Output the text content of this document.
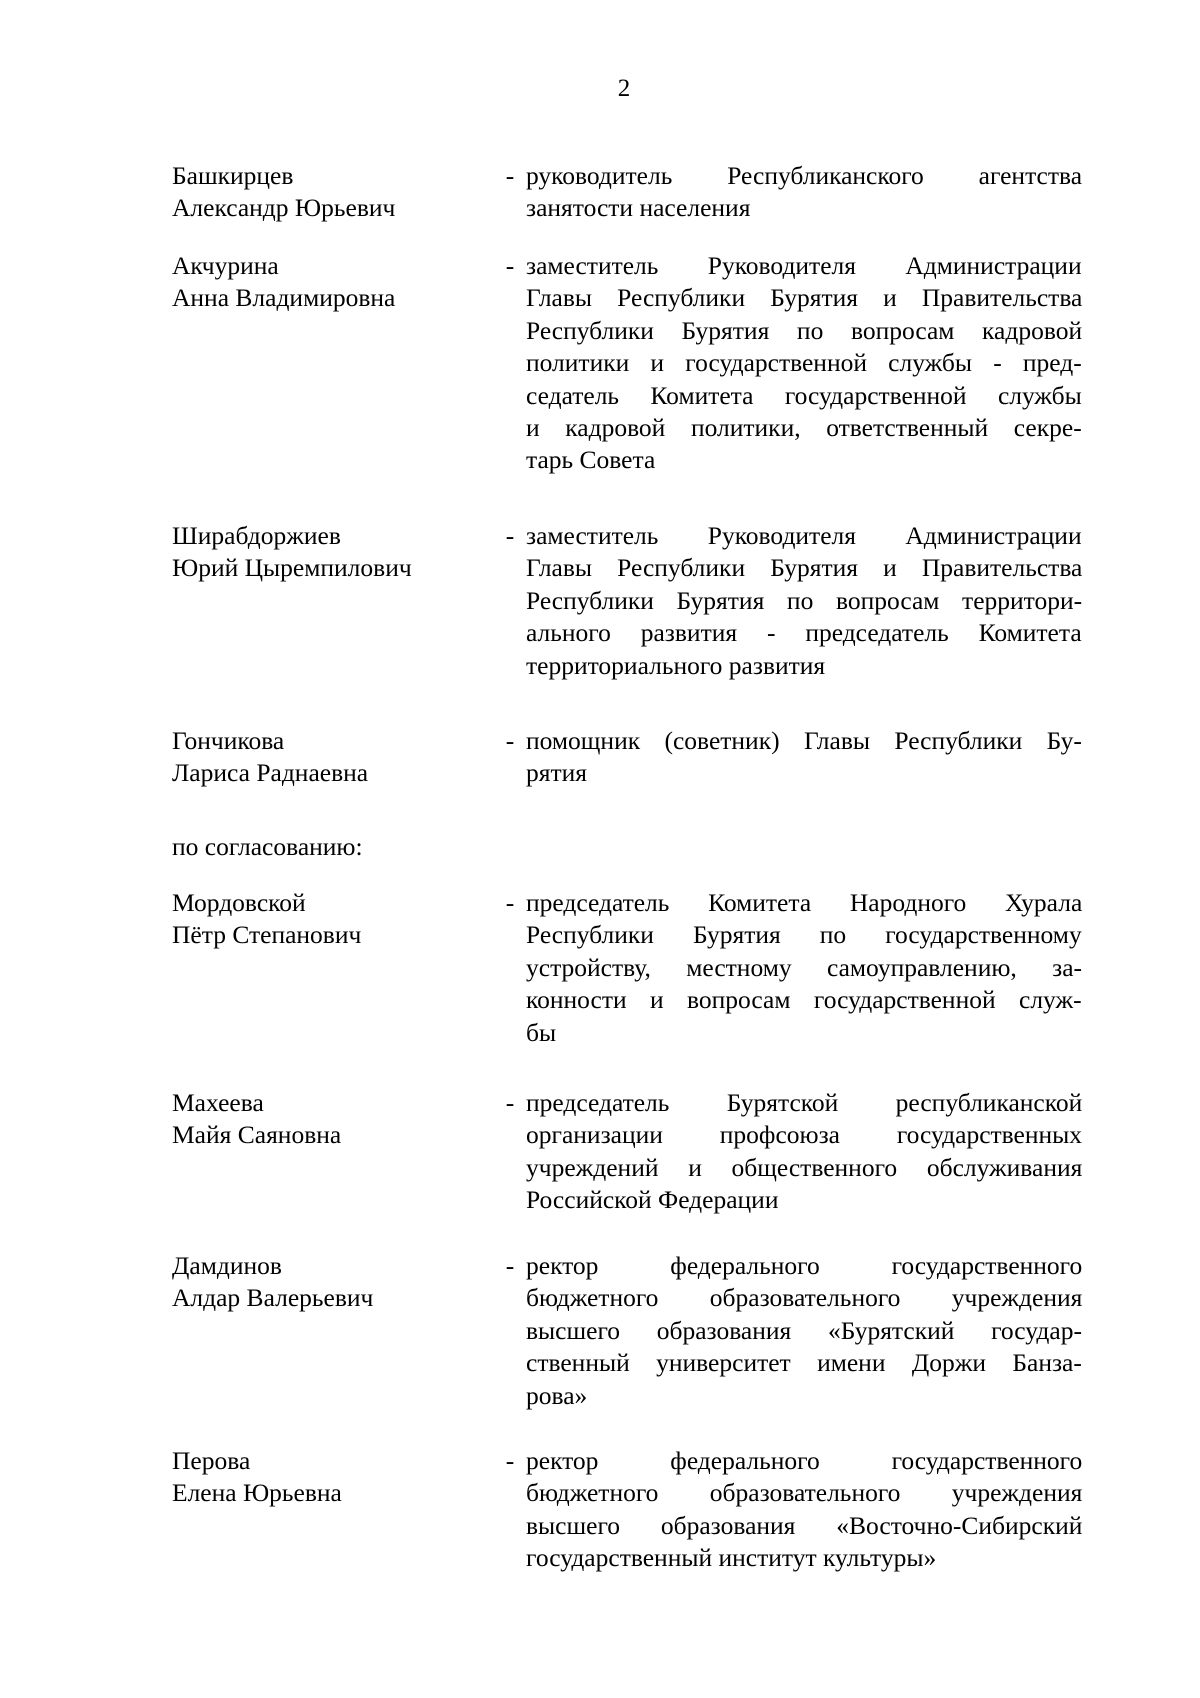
2
Башкирцев
Александр Юрьевич
- руководитель Республиканского агентства
занятости населения
Акчурина
Анна Владимировна
- заместитель Руководителя Администрации
Главы Республики Бурятия и Правительства
Республики Бурятия по вопросам кадровой
политики и государственной службы - пред-
седатель Комитета государственной службы
и кадровой политики, ответственный секре-
тарь Совета
Ширабдоржиев
Юрий Цыремпилович
- заместитель Руководителя Администрации
Главы Республики Бурятия и Правительства
Республики Бурятия по вопросам территори-
ального развития - председатель Комитета
территориального развития
Гончикова
Лариса Раднаевна
- помощник (советник) Главы Республики Бу-
рятия
по согласованию:
Мордовской
Пётр Степанович
- председатель Комитета Народного Хурала
Республики Бурятия по государственному
устройству, местному самоуправлению, за-
конности и вопросам государственной служ-
бы
Махеева
Майя Саяновна
- председатель Бурятской республиканской
организации профсоюза государственных
учреждений и общественного обслуживания
Российской Федерации
Дамдинов
Алдар Валерьевич
- ректор федерального государственного
бюджетного образовательного учреждения
высшего образования «Бурятский государ-
ственный университет имени Доржи Банза-
рова»
Перова
Елена Юрьевна
- ректор федерального государственного
бюджетного образовательного учреждения
высшего образования «Восточно-Сибирский
государственный институт культуры»
